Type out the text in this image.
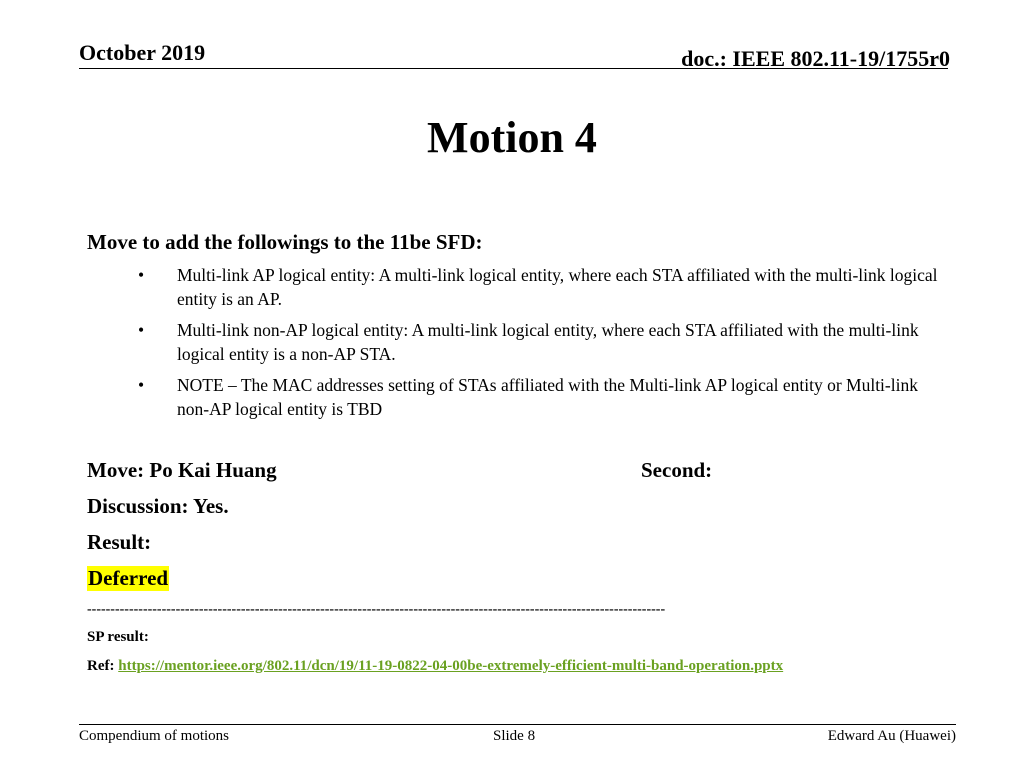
October 2019	doc.: IEEE 802.11-19/1755r0
Motion 4
Move to add the followings to the 11be SFD:
• Multi-link AP logical entity: A multi-link logical entity, where each STA affiliated with the multi-link logical entity is an AP.
• Multi-link non-AP logical entity: A multi-link logical entity, where each STA affiliated with the multi-link logical entity is a non-AP STA.
• NOTE – The MAC addresses setting of STAs affiliated with the Multi-link AP logical entity or Multi-link non-AP logical entity is TBD
Move: Po Kai Huang	Second:
Discussion: Yes.
Result:
Deferred
----------------------------------------------------------------------------------------------------------------------------
SP result:
Ref: https://mentor.ieee.org/802.11/dcn/19/11-19-0822-04-00be-extremely-efficient-multi-band-operation.pptx
Compendium of motions	Slide 8	Edward Au (Huawei)
